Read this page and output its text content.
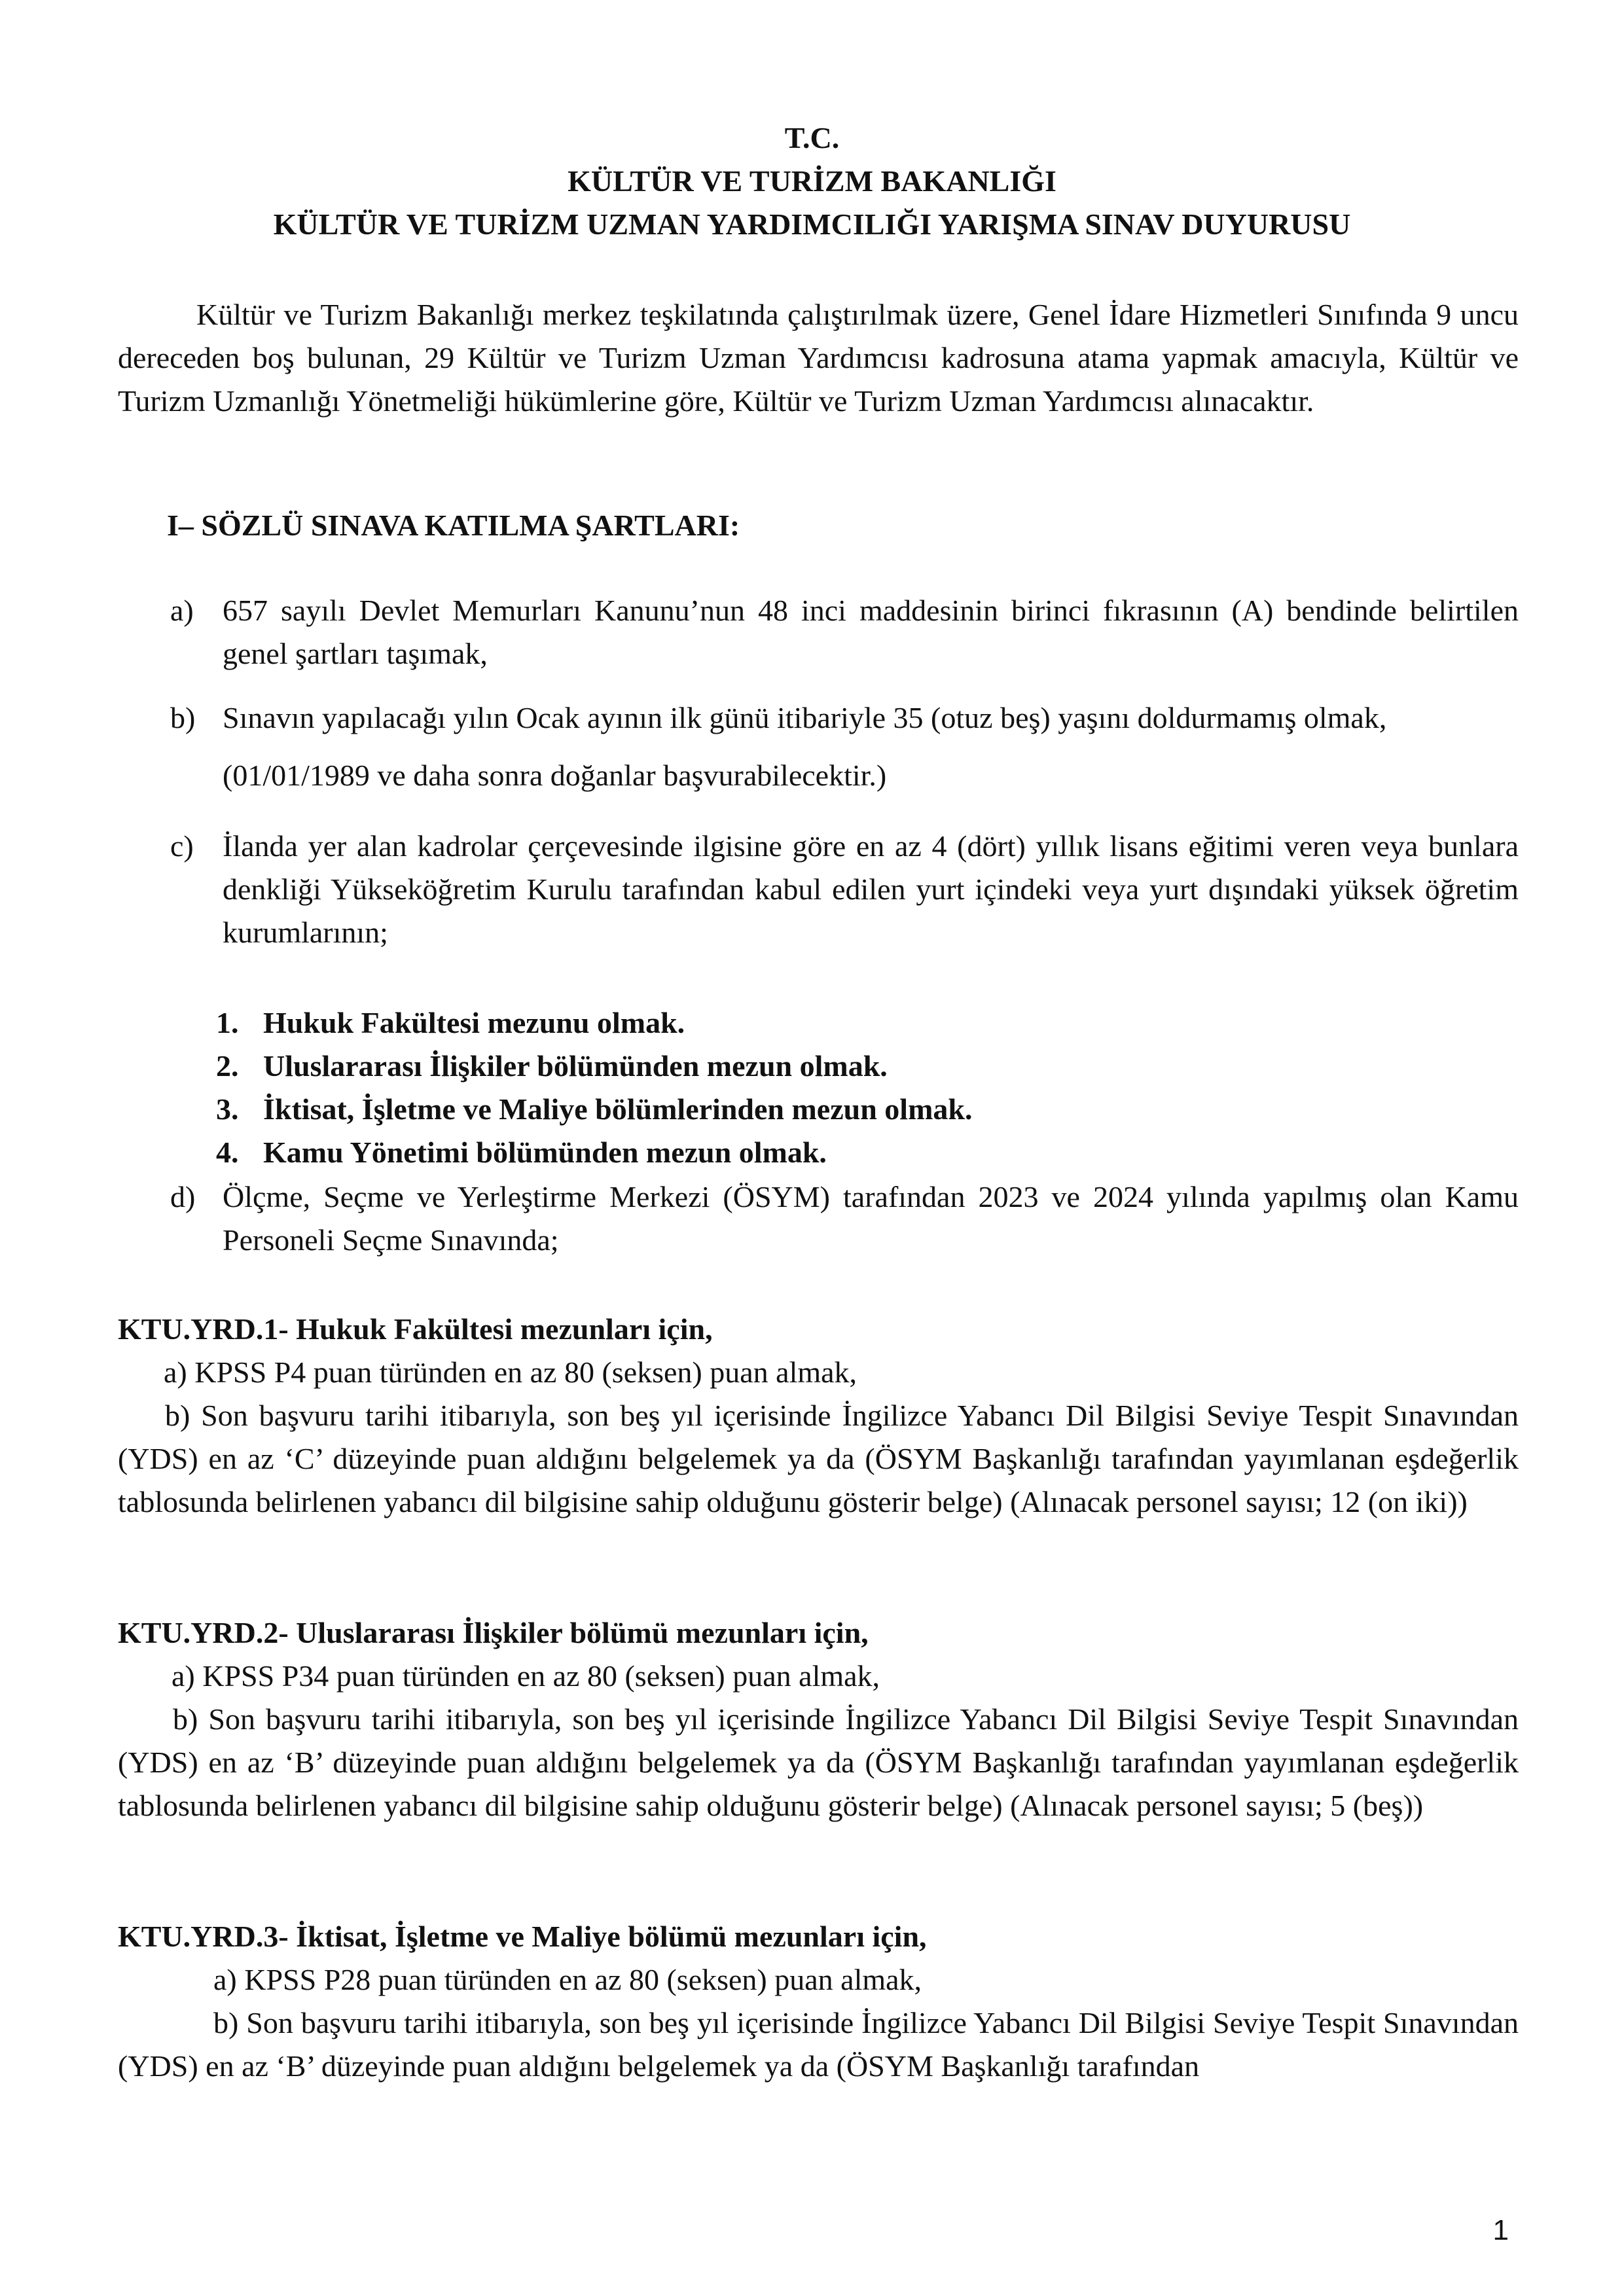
T.C.
KÜLTÜR VE TURİZM BAKANLIĞI
KÜLTÜR VE TURİZM UZMAN YARDIMCILIĞI YARIŞMA SINAV DUYURUSU
Kültür ve Turizm Bakanlığı merkez teşkilatında çalıştırılmak üzere, Genel İdare Hizmetleri Sınıfında 9 uncu dereceden boş bulunan, 29 Kültür ve Turizm Uzman Yardımcısı kadrosuna atama yapmak amacıyla, Kültür ve Turizm Uzmanlığı Yönetmeliği hükümlerine göre, Kültür ve Turizm Uzman Yardımcısı alınacaktır.
I– SÖZLÜ SINAVA KATILMA ŞARTLARI:
a) 657 sayılı Devlet Memurları Kanunu’nun 48 inci maddesinin birinci fıkrasının (A) bendinde belirtilen genel şartları taşımak,
b) Sınavın yapılacağı yılın Ocak ayının ilk günü itibariyle 35 (otuz beş) yaşını doldurmamış olmak,
(01/01/1989 ve daha sonra doğanlar başvurabilecektir.)
c) İlanda yer alan kadrolar çerçevesinde ilgisine göre en az 4 (dört) yıllık lisans eğitimi veren veya bunlara denkliği Yükseköğretim Kurulu tarafından kabul edilen yurt içindeki veya yurt dışındaki yüksek öğretim kurumlarının;
1. Hukuk Fakültesi mezunu olmak.
2. Uluslararası İlişkiler bölümünden mezun olmak.
3. İktisat, İşletme ve Maliye bölümlerinden mezun olmak.
4. Kamu Yönetimi bölümünden mezun olmak.
d) Ölçme, Seçme ve Yerleştirme Merkezi (ÖSYM) tarafından 2023 ve 2024 yılında yapılmış olan Kamu Personeli Seçme Sınavında;
KTU.YRD.1- Hukuk Fakültesi mezunları için,
a) KPSS P4 puan türünden en az 80 (seksen) puan almak,
b) Son başvuru tarihi itibarıyla, son beş yıl içerisinde İngilizce Yabancı Dil Bilgisi Seviye Tespit Sınavından (YDS) en az ‘C’ düzeyinde puan aldığını belgelemek ya da (ÖSYM Başkanlığı tarafından yayımlanan eşdeğerlik tablosunda belirlenen yabancı dil bilgisine sahip olduğunu gösterir belge) (Alınacak personel sayısı; 12 (on iki))
KTU.YRD.2- Uluslararası İlişkiler bölümü mezunları için,
a) KPSS P34 puan türünden en az 80 (seksen) puan almak,
b) Son başvuru tarihi itibarıyla, son beş yıl içerisinde İngilizce Yabancı Dil Bilgisi Seviye Tespit Sınavından (YDS) en az ‘B’ düzeyinde puan aldığını belgelemek ya da (ÖSYM Başkanlığı tarafından yayımlanan eşdeğerlik tablosunda belirlenen yabancı dil bilgisine sahip olduğunu gösterir belge) (Alınacak personel sayısı; 5 (beş))
KTU.YRD.3- İktisat, İşletme ve Maliye bölümü mezunları için,
a) KPSS P28 puan türünden en az 80 (seksen) puan almak,
b) Son başvuru tarihi itibarıyla, son beş yıl içerisinde İngilizce Yabancı Dil Bilgisi Seviye Tespit Sınavından (YDS) en az ‘B’ düzeyinde puan aldığını belgelemek ya da (ÖSYM Başkanlığı tarafından
1
